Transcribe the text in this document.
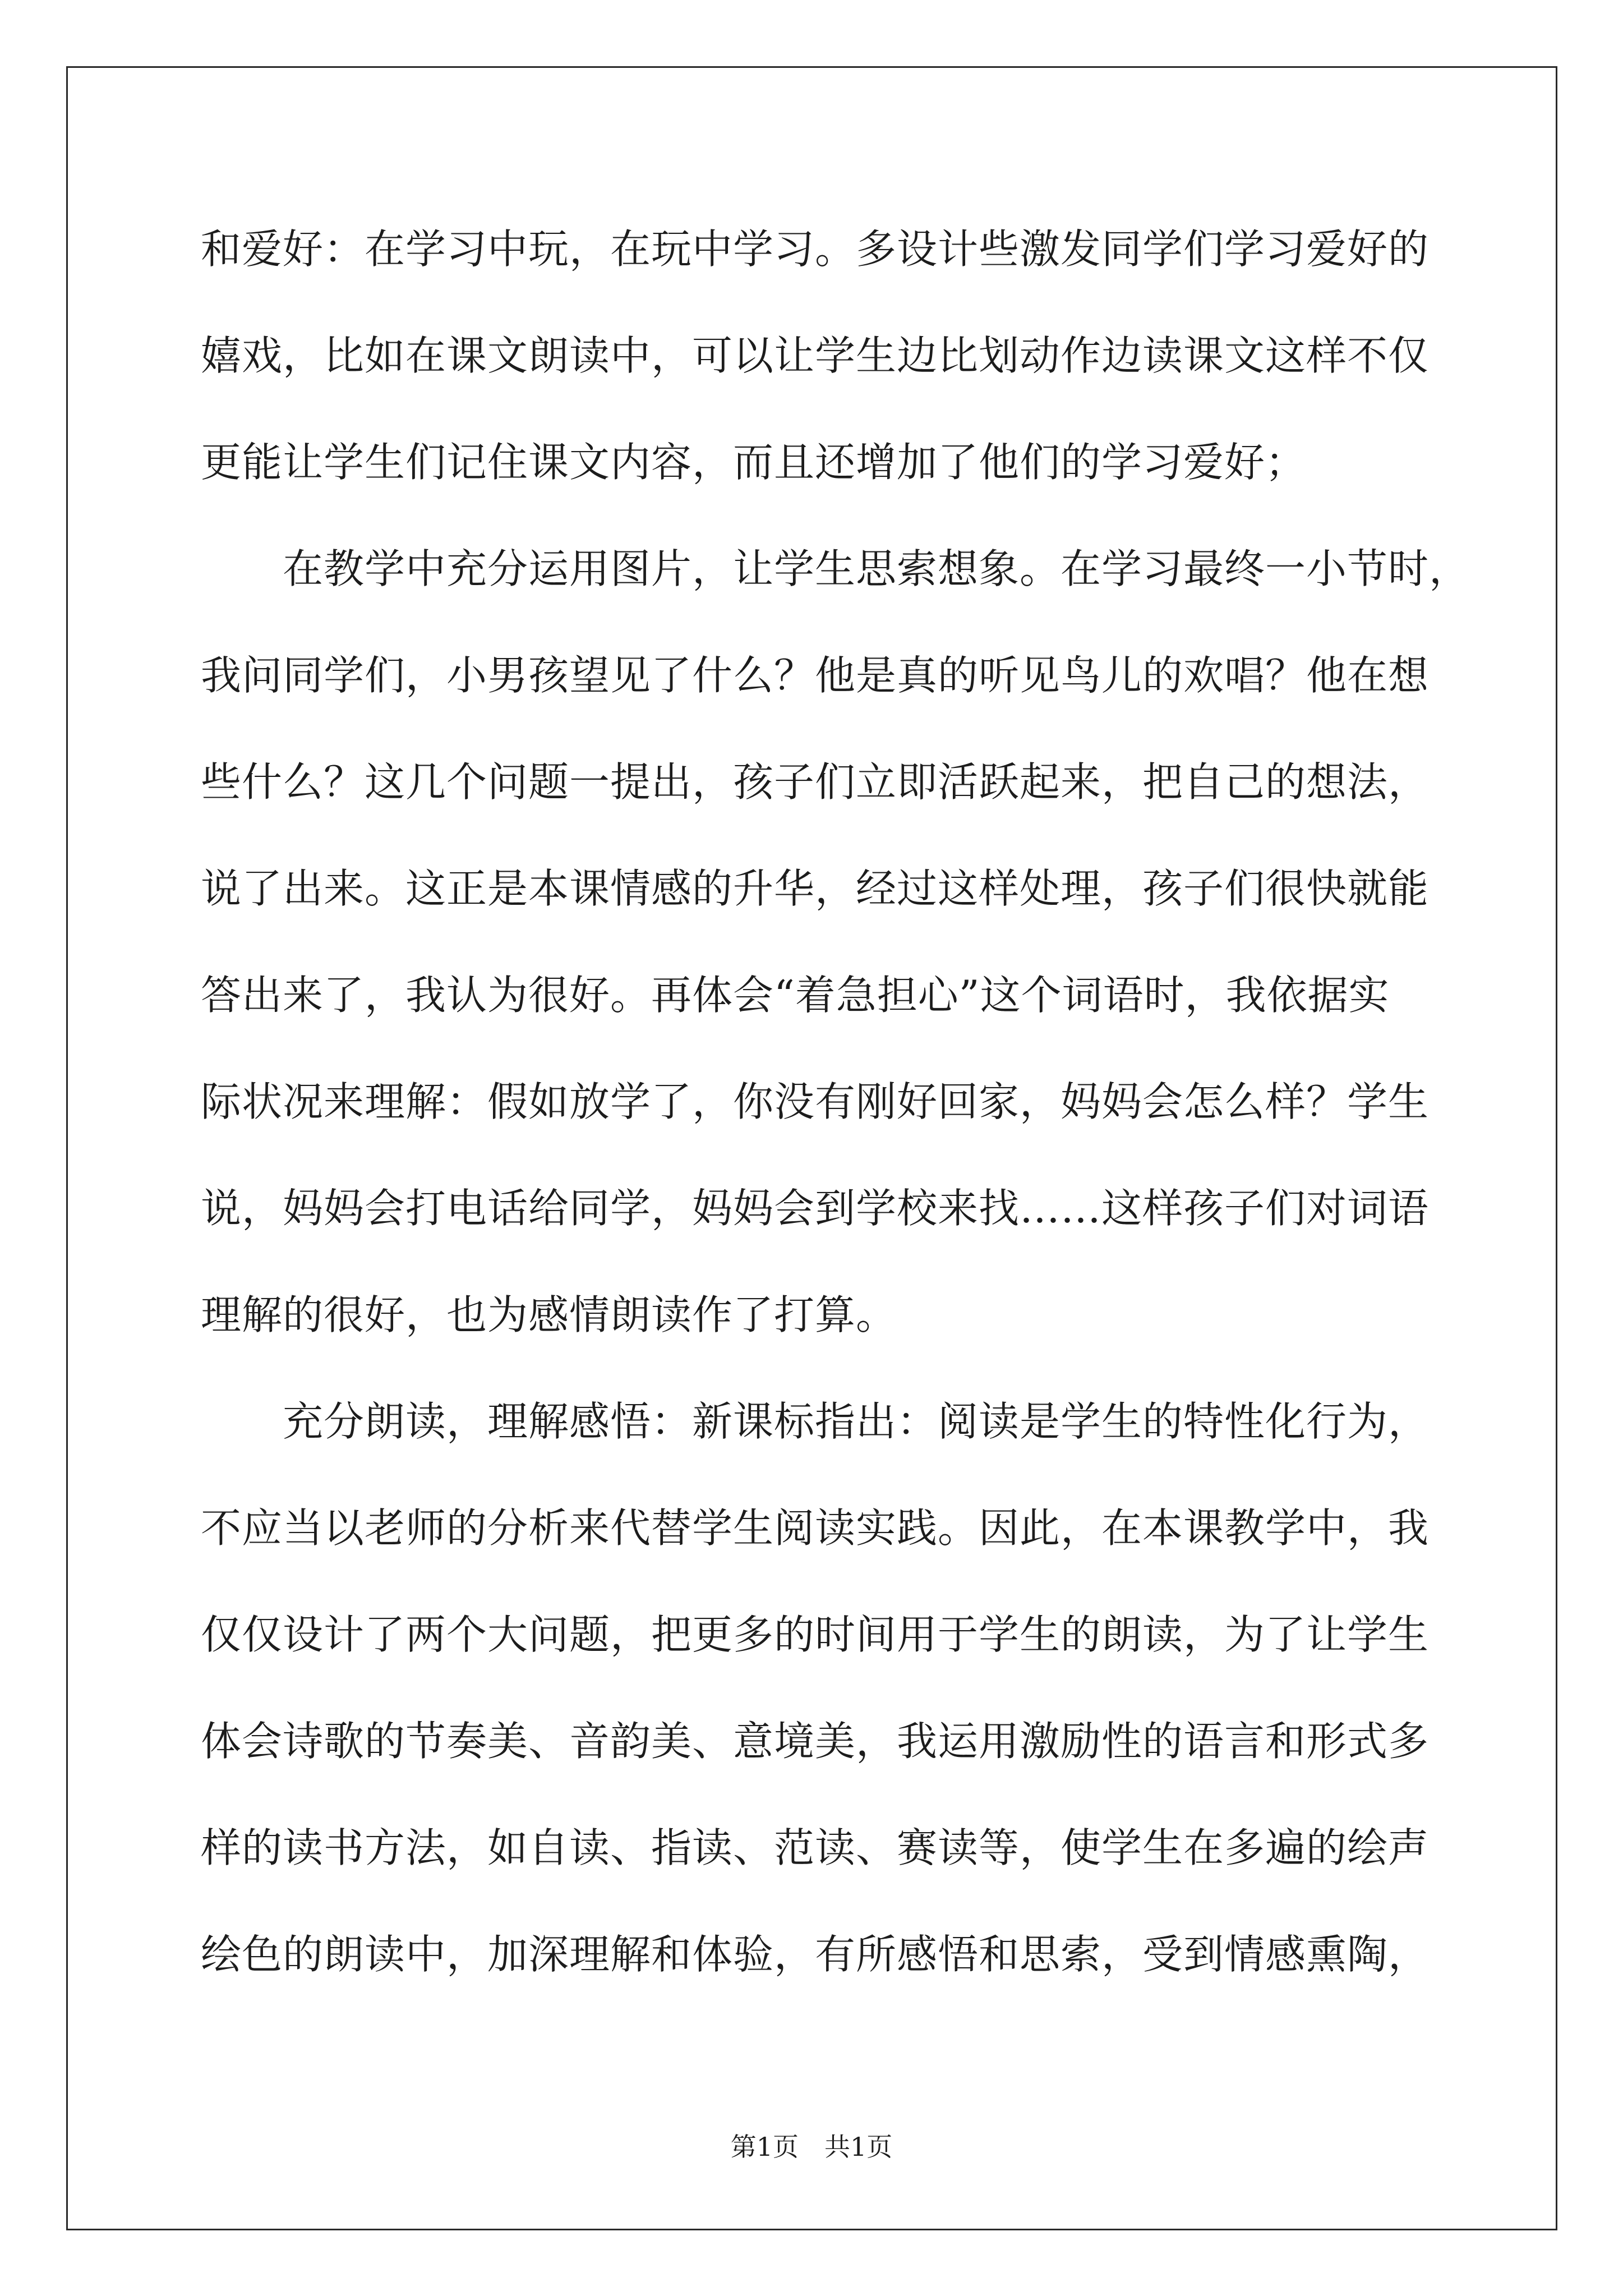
和爱好：在学习中玩，在玩中学习。多设计些激发同学们学习爱好的
嬉戏，比如在课文朗读中，可以让学生边比划动作边读课文这样不仅
更能让学生们记住课文内容，而且还增加了他们的学习爱好；
在教学中充分运用图片，让学生思索想象。在学习最终一小节时，
我问同学们，小男孩望见了什么？他是真的听见鸟儿的欢唱？他在想
些什么？这几个问题一提出，孩子们立即活跃起来，把自己的想法，
说了出来。这正是本课情感的升华，经过这样处理，孩子们很快就能
答出来了，我认为很好。再体会“着急担心”这个词语时，我依据实
际状况来理解：假如放学了，你没有刚好回家，妈妈会怎么样？学生
说，妈妈会打电话给同学，妈妈会到学校来找……这样孩子们对词语
理解的很好，也为感情朗读作了打算。
充分朗读，理解感悟：新课标指出：阅读是学生的特性化行为，
不应当以老师的分析来代替学生阅读实践。因此，在本课教学中，我
仅仅设计了两个大问题，把更多的时间用于学生的朗读，为了让学生
体会诗歌的节奏美、音韵美、意境美，我运用激励性的语言和形式多
样的读书方法，如自读、指读、范读、赛读等，使学生在多遍的绘声
绘色的朗读中，加深理解和体验，有所感悟和思索，受到情感熏陶，
第1页　共1页
